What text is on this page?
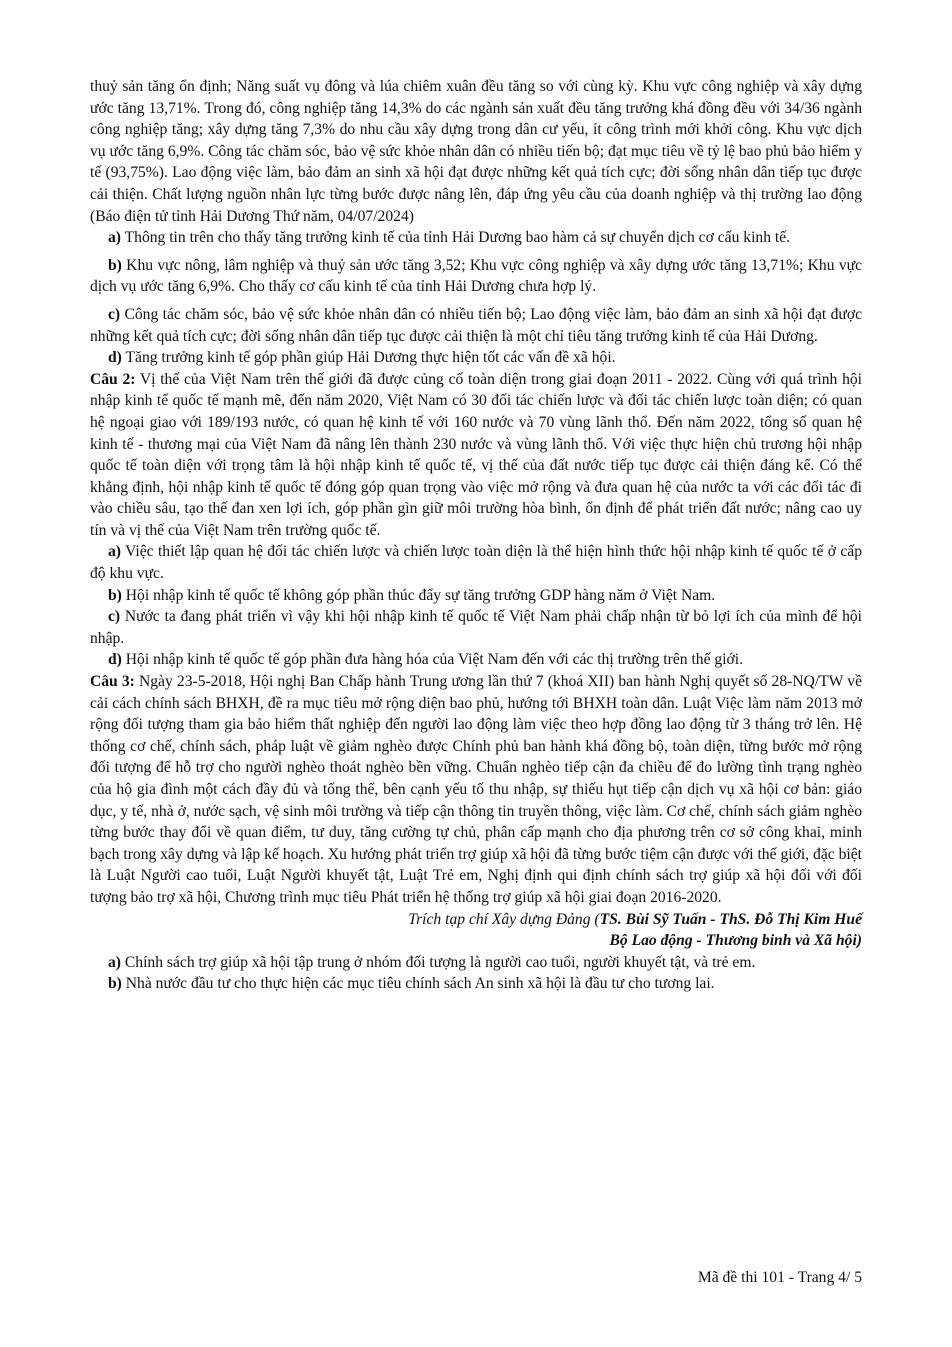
thuỷ sản tăng ổn định; Năng suất vụ đông và lúa chiêm xuân đều tăng so với cùng kỳ. Khu vực công nghiệp và xây dựng ước tăng 13,71%. Trong đó, công nghiệp tăng 14,3% do các ngành sản xuất đều tăng trưởng khá đồng đều với 34/36 ngành công nghiệp tăng; xây dựng tăng 7,3% do nhu cầu xây dựng trong dân cư yếu, ít công trình mới khởi công. Khu vực dịch vụ ước tăng 6,9%. Công tác chăm sóc, bảo vệ sức khỏe nhân dân có nhiều tiến bộ; đạt mục tiêu về tỷ lệ bao phủ bảo hiểm y tế (93,75%). Lao động việc làm, bảo đảm an sinh xã hội đạt được những kết quả tích cực; đời sống nhân dân tiếp tục được cải thiện. Chất lượng nguồn nhân lực từng bước được nâng lên, đáp ứng yêu cầu của doanh nghiệp và thị trường lao động (Báo điện tử tỉnh Hải Dương Thứ năm, 04/07/2024)

a) Thông tin trên cho thấy tăng trưởng kinh tế của tỉnh Hải Dương bao hàm cả sự chuyển dịch cơ cấu kinh tế.

b) Khu vực nông, lâm nghiệp và thuỷ sản ước tăng 3,52; Khu vực công nghiệp và xây dựng ước tăng 13,71%; Khu vực dịch vụ ước tăng 6,9%. Cho thấy cơ cấu kinh tế của tỉnh Hải Dương chưa hợp lý.

c) Công tác chăm sóc, bảo vệ sức khỏe nhân dân có nhiều tiến bộ; Lao động việc làm, bảo đảm an sinh xã hội đạt được những kết quả tích cực; đời sống nhân dân tiếp tục được cải thiện là một chỉ tiêu tăng trưởng kinh tế của Hải Dương.

d) Tăng trưởng kinh tế góp phần giúp Hải Dương thực hiện tốt các vấn đề xã hội.

Câu 2: Vị thế của Việt Nam trên thế giới đã được củng cố toàn diện trong giai đoạn 2011 - 2022. Cùng với quá trình hội nhập kinh tế quốc tế mạnh mẽ, đến năm 2020, Việt Nam có 30 đối tác chiến lược và đối tác chiến lược toàn diện; có quan hệ ngoại giao với 189/193 nước, có quan hệ kinh tế với 160 nước và 70 vùng lãnh thổ. Đến năm 2022, tổng số quan hệ kinh tế - thương mại của Việt Nam đã nâng lên thành 230 nước và vùng lãnh thổ. Với việc thực hiện chủ trương hội nhập quốc tế toàn diện với trọng tâm là hội nhập kinh tế quốc tế, vị thế của đất nước tiếp tục được cải thiện đáng kể. Có thể khẳng định, hội nhập kinh tế quốc tế đóng góp quan trọng vào việc mở rộng và đưa quan hệ của nước ta với các đối tác đi vào chiều sâu, tạo thế đan xen lợi ích, góp phần gìn giữ môi trường hòa bình, ổn định để phát triển đất nước; nâng cao uy tín và vị thế của Việt Nam trên trường quốc tế.

a) Việc thiết lập quan hệ đối tác chiến lược và chiến lược toàn diện là thể hiện hình thức hội nhập kinh tế quốc tế ở cấp độ khu vực.

b) Hội nhập kinh tế quốc tế không góp phần thúc đẩy sự tăng trưởng GDP hàng năm ở Việt Nam.

c) Nước ta đang phát triển vì vậy khi hội nhập kinh tế quốc tế Việt Nam phải chấp nhận từ bỏ lợi ích của mình để hội nhập.

d) Hội nhập kinh tế quốc tế góp phần đưa hàng hóa của Việt Nam đến với các thị trường trên thế giới.

Câu 3: Ngày 23-5-2018, Hội nghị Ban Chấp hành Trung ương lần thứ 7 (khoá XII) ban hành Nghị quyết số 28-NQ/TW về cải cách chính sách BHXH, đề ra mục tiêu mở rộng diện bao phủ, hướng tới BHXH toàn dân. Luật Việc làm năm 2013 mở rộng đối tượng tham gia bảo hiểm thất nghiệp đến người lao động làm việc theo hợp đồng lao động từ 3 tháng trở lên. Hệ thống cơ chế, chính sách, pháp luật về giảm nghèo được Chính phủ ban hành khá đồng bộ, toàn diện, từng bước mở rộng đối tượng để hỗ trợ cho người nghèo thoát nghèo bền vững. Chuẩn nghèo tiếp cận đa chiều để đo lường tình trạng nghèo của hộ gia đình một cách đầy đủ và tổng thể, bên cạnh yếu tố thu nhập, sự thiếu hụt tiếp cận dịch vụ xã hội cơ bản: giáo dục, y tế, nhà ở, nước sạch, vệ sinh môi trường và tiếp cận thông tin truyền thông, việc làm. Cơ chế, chính sách giảm nghèo từng bước thay đổi về quan điểm, tư duy, tăng cường tự chủ, phân cấp mạnh cho địa phương trên cơ sở công khai, minh bạch trong xây dựng và lập kế hoạch. Xu hướng phát triển trợ giúp xã hội đã từng bước tiệm cận được với thế giới, đặc biệt là Luật Người cao tuổi, Luật Người khuyết tật, Luật Trẻ em, Nghị định qui định chính sách trợ giúp xã hội đối với đối tượng bảo trợ xã hội, Chương trình mục tiêu Phát triển hệ thống trợ giúp xã hội giai đoạn 2016-2020.

Trích tạp chí Xây dựng Đảng (TS. Bùi Sỹ Tuấn - ThS. Đỗ Thị Kim Huế

Bộ Lao động - Thương binh và Xã hội)

a) Chính sách trợ giúp xã hội tập trung ở nhóm đối tượng là người cao tuổi, người khuyết tật, và trẻ em.

b) Nhà nước đầu tư cho thực hiện các mục tiêu chính sách An sinh xã hội là đầu tư cho tương lai.

Mã đề thi 101 - Trang 4/ 5
